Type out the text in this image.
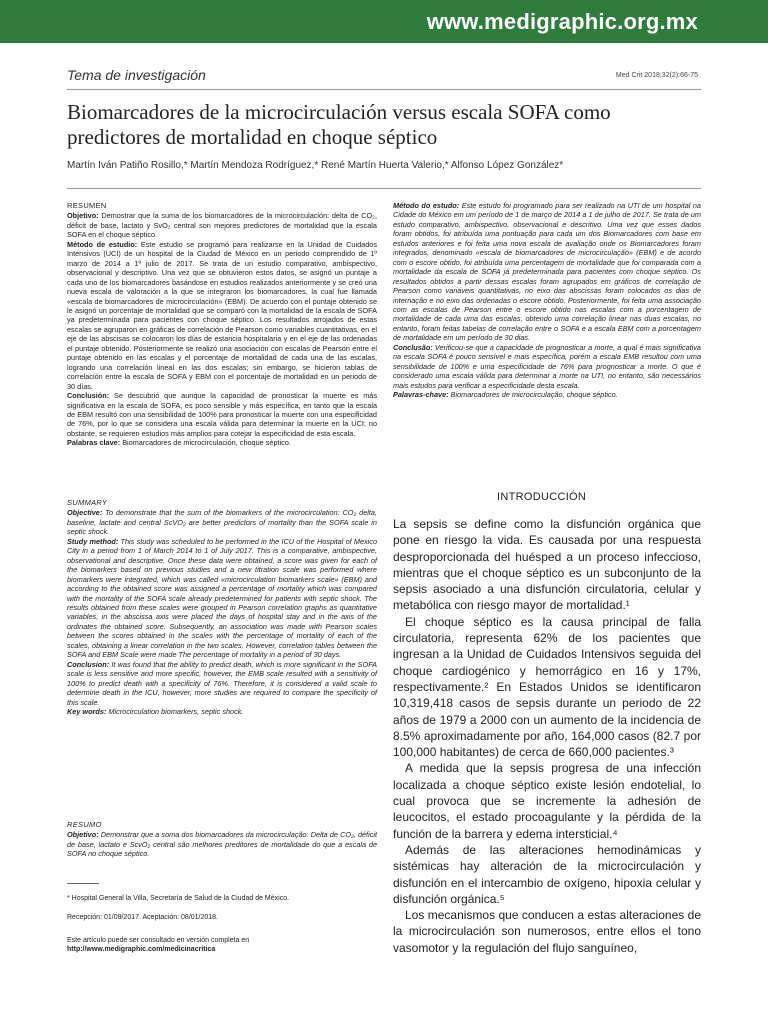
www.medigraphic.org.mx
Tema de investigación	Med Crit 2018;32(2):66-75
Biomarcadores de la microcirculación versus escala SOFA como predictores de mortalidad en choque séptico
Martín Iván Patiño Rosillo,* Martín Mendoza Rodríguez,* René Martín Huerta Valerio,* Alfonso López González*

RESUMEN

Objetivo: Demostrar que la suma de los biomarcadores de la microcirculación: delta de CO₂, déficit de base, lactato y SvO₂ central son mejores predictores de mortalidad que la escala SOFA en el choque séptico.

Método de estudio: Este estudio se programó para realizarse en la Unidad de Cuidados Intensivos (UCI) de un hospital de la Ciudad de México en un periodo comprendido de 1º marzo de 2014 a 1º julio de 2017. Se trata de un estudio comparativo, ambispectivo, observacional y descriptivo. Una vez que se obtuvieron estos datos, se asignó un puntaje a cada uno de los biomarcadores basándose en estudios realizados anteriormente y se creó una nueva escala de valoración a la que se integraron los biomarcadores, la cual fue llamada «escala de biomarcadores de microcirculación» (EBM). De acuerdo con el puntaje obtenido se le asignó un porcentaje de mortalidad que se comparó con la mortalidad de la escala de SOFA ya predeterminada para pacientes con choque séptico. Los resultados arrojados de estas escalas se agruparon en gráficas de correlación de Pearson como variables cuantitativas, en el eje de las abscisas se colocaron los días de estancia hospitalaria y en el eje de las ordenadas el puntaje obtenido. Posteriormente se realizó una asociación con escalas de Pearson entre el puntaje obtenido en las escalas y el porcentaje de mortalidad de cada una de las escalas, logrando una correlación lineal en las dos escalas; sin embargo, se hicieron tablas de correlación entre la escala de SOFA y EBM con el porcentaje de mortalidad en un periodo de 30 días.

Conclusión: Se descubrió que aunque la capacidad de pronosticar la muerte es más significativa en la escala de SOFA, es poco sensible y más específica, en tanto que la escala de EBM resultó con una sensibilidad de 100% para pronosticar la muerte con una especificidad de 76%, por lo que se considera una escala válida para determinar la muerte en la UCI; no obstante, se requieren estudios más amplios para cotejar la especificidad de esta escala.

Palabras clave: Biomarcadores de microcirculación, choque séptico.

SUMMARY

Objective: To demonstrate that the sum of the biomarkers of the microcirculation: CO₂ delta, baseline, lactate and central ScVO₂ are better predictors of mortality than the SOFA scale in septic shock.

Study method: This study was scheduled to be performed in the ICU of the Hospital of Mexico City in a period from 1 of March 2014 to 1 of July 2017. This is a comparative, ambispective, observational and descriptive. Once these data were obtained, a score was given for each of the biomarkers based on previous studies and a new titration scale was performed where biomarkers were integrated, which was called «microcirculation biomarkers scale» (EBM) and according to the obtained score was assigned a percentage of mortality which was compared with the mortality of the SOFA scale already predetermined for patients with septic shock. The results obtained from these scales were grouped in Pearson correlation graphs as quantitative variables, in the abscissa axis were placed the days of hospital stay and in the axis of the ordinates the obtained score. Subsequently, an association was made with Pearson scales between the scores obtained in the scales with the percentage of mortality of each of the scales, obtaining a linear correlation in the two scales. However, correlation tables between the SOFA and EBM Scale were made The percentage of mortality in a period of 30 days.

Conclusion: It was found that the ability to predict death, which is more significant in the SOFA scale is less sensitive and more specific, however, the EMB scale resulted with a sensitivity of 100% to predict death with a specificity of 76%. Therefore, it is considered a valid scale to determine death in the ICU, however, more studies are required to compare the specificity of this scale.

Key words: Microcirculation biomarkers, septic shock.

RESUMO

Objetivo: Demonstrar que a soma dos biomarcadores da microcirculação: Delta de CO₂, déficit de base, lactato e ScvO₂ central são melhores preditores de mortalidade do que a escala de SOFA no choque séptico.

Método do estudo: Este estudo foi programado para ser realizado na UTI de um hospital na Cidade do México em um período de 1 de março de 2014 a 1 de julho de 2017. Se trata de um estudo comparativo, ambispectivo, observacional e descritivo. Uma vez que esses dados foram obtidos, foi atribuída uma pontuação para cada um dos Biomarcadores com base em estudos anteriores e foi feita uma nova escala de avaliação onde os Biomarcadores foram integrados, denominado «escala de biomarcadores de microcirculação» (EBM) e de acordo com o escore obtido, foi atribuída uma percentagem de mortalidade que foi comparada com a mortalidade da escala de SOFA já predeterminada para pacientes com choque séptico. Os resultados obtidos a partir dessas escalas foram agrupados em gráficos de correlação de Pearson como variáveis quantitativas, no eixo das abscissas foram colocados os dias de internação e no eixo das ordenadas o escore obtido. Posteriormente, foi feita uma associação com as escalas de Pearson entre o escore obtido nas escalas com a porcentagem de mortalidade de cada uma das escalas, obtendo uma correlação linear nas duas escalas, no entanto, foram feitas tabelas de correlação entre o SOFA e a escala EBM com a porcentagem de mortalidade em um período de 30 dias.

Conclusão: Verificou-se que a capacidade de prognosticar a morte, a qual é mais significativa na escala SOFA é pouco sensível e mais específica, porém a escala EMB resultou com uma sensibilidade de 100% e uma especificidade de 76% para prognosticar a morte. O que é considerado uma escala válida para determinar a morte na UTI, no entanto, são necessários mais estudos para verificar a especificidade desta escala.

Palavras-chave: Biomarcadores de microcirculação, choque séptico.

INTRODUCCIÓN

La sepsis se define como la disfunción orgánica que pone en riesgo la vida. Es causada por una respuesta desproporcionada del huésped a un proceso infeccioso, mientras que el choque séptico es un subconjunto de la sepsis asociado a una disfunción circulatoria, celular y metabólica con riesgo mayor de mortalidad.¹

El choque séptico es la causa principal de falla circulatoria, representa 62% de los pacientes que ingresan a la Unidad de Cuidados Intensivos seguida del choque cardiogénico y hemorrágico en 16 y 17%, respectivamente.² En Estados Unidos se identificaron 10,319,418 casos de sepsis durante un periodo de 22 años de 1979 a 2000 con un aumento de la incidencia de 8.5% aproximadamente por año, 164,000 casos (82.7 por 100,000 habitantes) de cerca de 660,000 pacientes.³

A medida que la sepsis progresa de una infección localizada a choque séptico existe lesión endotelial, lo cual provoca que se incremente la adhesión de leucocitos, el estado procoagulante y la pérdida de la función de la barrera y edema intersticial.⁴

Además de las alteraciones hemodinámicas y sistémicas hay alteración de la microcirculación y disfunción en el intercambio de oxígeno, hipoxia celular y disfunción orgánica.⁵

Los mecanismos que conducen a estas alteraciones de la microcirculación son numerosos, entre ellos el tono vasomotor y la regulación del flujo sanguíneo,

* Hospital General la Villa, Secretaría de Salud de la Ciudad de México.
Recepción: 01/09/2017. Aceptación: 08/01/2018.
Este artículo puede ser consultado en versión completa en
http://www.medigraphic.com/medicinacritica
